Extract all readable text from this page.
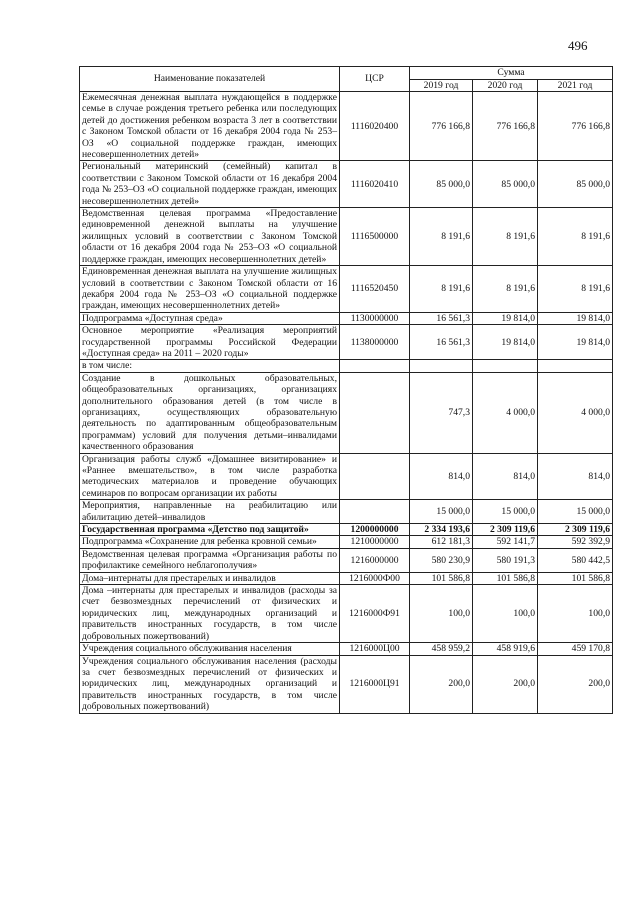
496
Наименование показателей	ЦСР	Сумма		
		2019 год	2020 год	2021 год
Ежемесячная денежная выплата нуждающейся в поддержке семье в случае рождения третьего ребенка или последующих детей до достижения ребенком возраста 3 лет в соответствии с Законом Томской области от 16 декабря 2004 года № 253–ОЗ «О социальной поддержке граждан, имеющих несовершеннолетних детей»	1116020400	776 166,8	776 166,8	776 166,8
Региональный материнский (семейный) капитал в соответствии с Законом Томской области от 16 декабря 2004 года № 253–ОЗ «О социальной поддержке граждан, имеющих несовершеннолетних детей»	1116020410	85 000,0	85 000,0	85 000,0
Ведомственная целевая программа «Предоставление единовременной денежной выплаты на улучшение жилищных условий в соответствии с Законом Томской области от 16 декабря 2004 года № 253–ОЗ «О социальной поддержке граждан, имеющих несовершеннолетних детей»	1116500000	8 191,6	8 191,6	8 191,6
Единовременная денежная выплата на улучшение жилищных условий в соответствии с Законом Томской области от 16 декабря 2004 года № 253–ОЗ «О социальной поддержке граждан, имеющих несовершеннолетних детей»	1116520450	8 191,6	8 191,6	8 191,6
Подпрограмма «Доступная среда»	1130000000	16 561,3	19 814,0	19 814,0
Основное мероприятие «Реализация мероприятий государственной программы Российской Федерации «Доступная среда» на 2011 – 2020 годы»	1138000000	16 561,3	19 814,0	19 814,0
в том числе:				
Создание в дошкольных образовательных, общеобразовательных организациях, организациях дополнительного образования детей (в том числе в организациях, осуществляющих образовательную деятельность по адаптированным общеобразовательным программам) условий для получения детьми–инвалидами качественного образования		747,3	4 000,0	4 000,0
Организация работы служб «Домашнее визитирование» и «Раннее вмешательство», в том числе разработка методических материалов и проведение обучающих семинаров по вопросам организации их работы		814,0	814,0	814,0
Мероприятия, направленные на реабилитацию или абилитацию детей–инвалидов		15 000,0	15 000,0	15 000,0
Государственная программа «Детство под защитой»	1200000000	2 334 193,6	2 309 119,6	2 309 119,6
Подпрограмма «Сохранение для ребенка кровной семьи»	1210000000	612 181,3	592 141,7	592 392,9
Ведомственная целевая программа «Организация работы по профилактике семейного неблагополучия»	1216000000	580 230,9	580 191,3	580 442,5
Дома–интернаты для престарелых и инвалидов	1216000Ф00	101 586,8	101 586,8	101 586,8
Дома –интернаты для престарелых и инвалидов (расходы за счет безвозмездных перечислений от физических и юридических лиц, международных организаций и правительств иностранных государств, в том числе добровольных пожертвований)	1216000Ф91	100,0	100,0	100,0
Учреждения социального обслуживания населения	1216000Ц00	458 959,2	458 919,6	459 170,8
Учреждения социального обслуживания населения (расходы за счет безвозмездных перечислений от физических и юридических лиц, международных организаций и правительств иностранных государств, в том числе добровольных пожертвований)	1216000Ц91	200,0	200,0	200,0
